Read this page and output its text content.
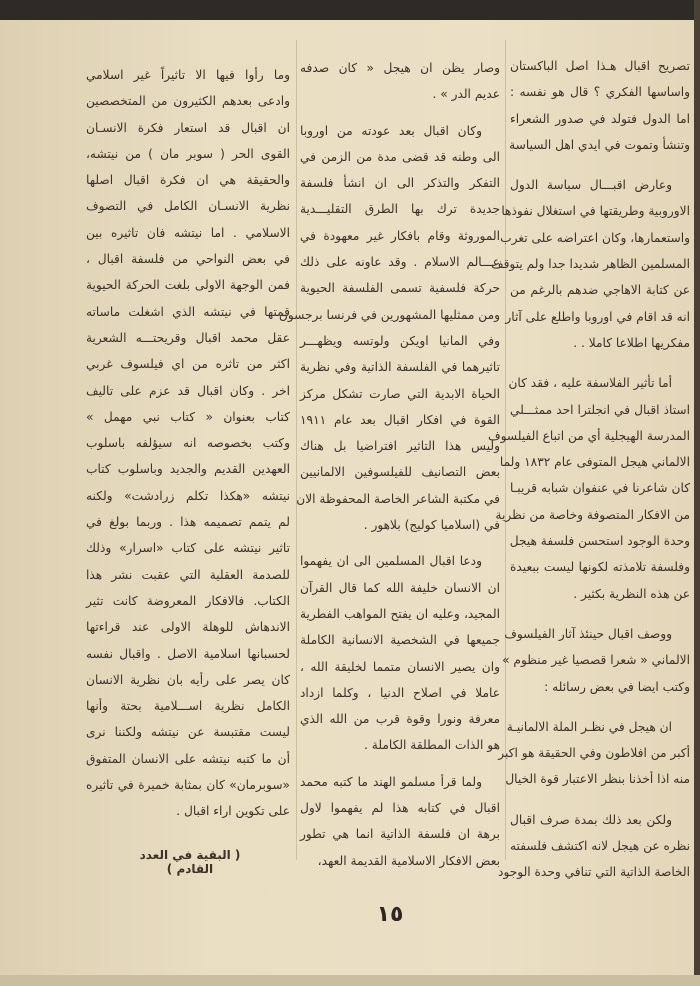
تصريح اقبال هـذا اصل الباكستان
واساسها الفكري ؟ قال هو نفسه :
اما الدول فتولد في صدور الشعراء
وتنشأ وتموت في ايدي اهل السياسة

وعارض اقبـــال سياسة الدول
الاوروبية وطريقتها في استغلال نفوذها
واستعمارها، وكان اعتراضه على تغرب
المسلمين الظاهر شديدا جدا ولم يتوقف
عن كتابة الاهاجي ضدهم بالرغم من
انه قد اقام في اوروبا واطلع على آثار
مفكريها اطلاعا كاملا . .

أما تأثير الفلاسفة عليه ، فقد كان
استاذ اقبال في انجلترا احد ممثـــلي
المدرسة الهيجلية أي من اتباع الفيلسوف
الالماني هيجل المتوفى عام ١٨٣٢ ولما
كان شاعرنا في عنفوان شبابه قريبـا
من الافكار المتصوفة وخاصة من نظرية
وحدة الوجود استحسن فلسفة هيجل
وفلسفة تلامذته لكونها ليست ببعيدة
عن هذه النظرية بكثير .

ووصف اقبال حينئذ آثار الفيلسوف
الالماني « شعرا قصصيا غير منظوم »
وكتب ايضا في بعض رسائله :

ان هيجل في نظـر الملة الالمانيـة
أكبر من افلاطون وفي الحقيقة هو اكبر
منه اذا أخذنا بنظر الاعتبار قوة الخيال

ولكن بعد ذلك بمدة صرف اقبال
نظره عن هيجل لانه اكتشف فلسفته
الخاصة الذاتية التي تنافي وحدة الوجود

وصار يظن ان هيجل « كان صدفه
عديم الدر » .

وكان اقبال بعد عودته من اوروبا
الى وطنه قد قضى مدة من الزمن في
التفكر والتذكر الى ان انشأ فلسفة
جديدة ترك بها الطرق التقليـــدية
الموروثة وقام بافكار غير معهودة في
عـــالم الاسلام . وقد عاونه على ذلك
حركة فلسفية تسمى الفلسفة الحيوية
ومن ممثليها المشهورين في فرنسا برجسون
وفي المانيا اويكن ولوتسه ويظهـــر
تاثيرهما في الفلسفة الذاتية وفي نظرية
الحياة الابدية التي صارت تشكل مركز
القوة في افكار اقبال بعد عام ١٩١١
وليس هذا التاثير افتراضيا بل هناك
بعض التصانيف للفيلسوفين الالمانيين
في مكتبة الشاعر الخاصة المحفوظة الان
في (اسلاميا كوليج) بلاهور .

ودعا اقبال المسلمين الى ان يفهموا
ان الانسان خليفة الله كما قال القرآن
المجيد، وعليه ان يفتح المواهب الفطرية
جميعها في الشخصية الانسانية الكاملة
وان يصير الانسان متمما لخليقة الله ،
عاملا في اصلاح الدنيا ، وكلما ازداد
معرفة ونورا وقوة قرب من الله الذي
هو الذات المطلقة الكاملة .

ولما قرأ مسلمو الهند ما كتبه محمد
اقبال في كتابه هذا لم يفهموا لاول
برهة ان فلسفة الذاتية انما هي تطور
بعض الافكار الاسلامية القديمة العهد،

وما رأوا فيها الا تاثيراً غير اسلامي
وادعى بعدهم الكثيرون من المتخصصين
ان اقبال قد استعار فكرة الانسـان
القوى الحر ( سوبر مان ) من نيتشه،
والحقيقة هي ان فكرة اقبال اصلها
نظرية الانسـان الكامل في التصوف
الاسلامي . اما نيتشه فان تاثيره بين
في بعض النواحي من فلسفة اقبال ،
فمن الوجهة الاولى بلغت الحركة الحيوية
قمتها في نيتشه الذي اشغلت ماساته
عقل محمد اقبال وقريحتـــه الشعرية
اكثر من تاثره من اي فيلسوف غربي
اخر . وكان اقبال قد عزم على تاليف
كتاب بعنوان « كتاب نبي مهمل »
وكتب بخصوصه انه سيؤلفه باسلوب
العهدين القديم والجديد وباسلوب كتاب
نيتشه «هكذا تكلم زرادشت» ولكنه
لم يتمم تصميمه هذا . وربما بولغ في
تاثير نيتشه على كتاب «اسرار» وذلك
للصدمة العقلية التي عقبت نشر هذا
الكتاب. فالافكار المعروضة كانت تثير
الاندهاش للوهلة الاولى عند قراءتها
لحسبانها اسلامية الاصل . واقبال نفسه
كان يصر على رأيه بان نظرية الانسان
الكامل نظرية اســـلامية بحتة وأنها
ليست مقتبسة عن نيتشه ولكننا نرى
أن ما كتبه نيتشه على الانسان المتفوق
«سوبرمان» كان بمثابة خميرة في تاثيره
على تكوين اراء اقبال .

( البقية في العدد القادم )
١٥
